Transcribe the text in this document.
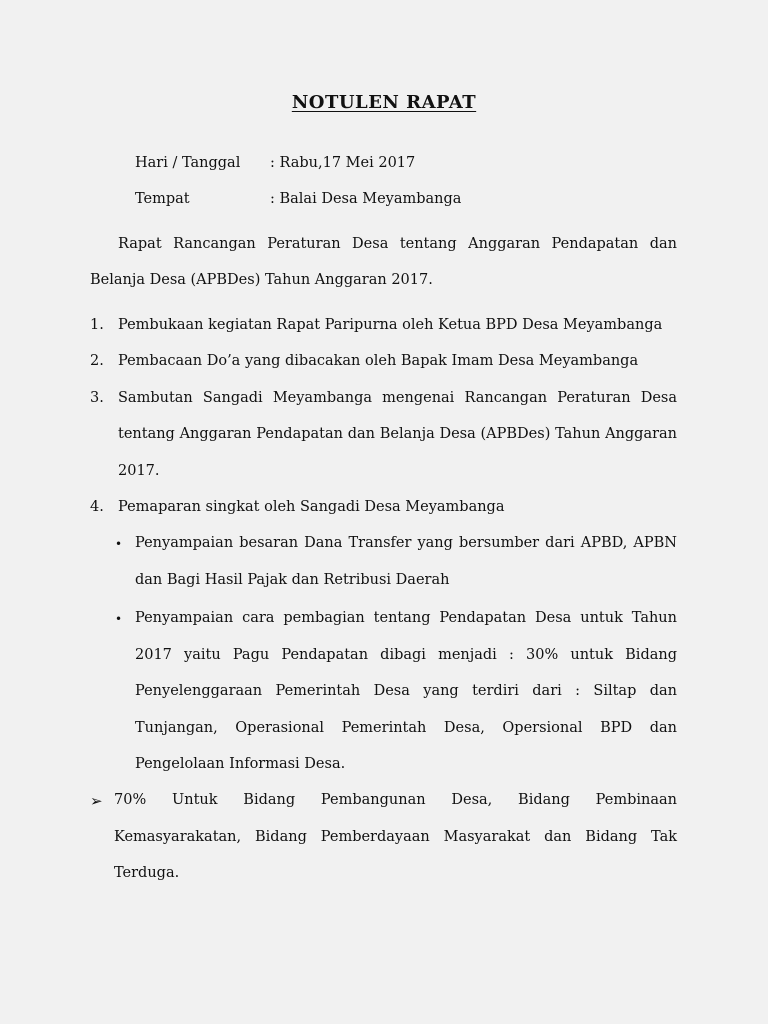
NOTULEN RAPAT
Hari / Tanggal : Rabu,17 Mei 2017
Tempat	: Balai Desa Meyambanga
Rapat Rancangan Peraturan Desa tentang Anggaran Pendapatan dan
Belanja Desa (APBDes) Tahun Anggaran 2017.
1. Pembukaan kegiatan Rapat Paripurna oleh Ketua BPD Desa Meyambanga
2. Pembacaan Do’a yang dibacakan oleh Bapak Imam Desa Meyambanga
3. Sambutan Sangadi Meyambanga mengenai Rancangan Peraturan Desa
tentang Anggaran Pendapatan dan Belanja Desa (APBDes) Tahun Anggaran
2017.
4. Pemaparan singkat oleh Sangadi Desa Meyambanga
• Penyampaian besaran Dana Transfer yang bersumber dari APBD, APBN
dan Bagi Hasil Pajak dan Retribusi Daerah
• Penyampaian cara pembagian tentang Pendapatan Desa untuk Tahun
2017 yaitu Pagu Pendapatan dibagi menjadi : 30% untuk Bidang
Penyelenggaraan Pemerintah Desa yang terdiri dari : Siltap dan
Tunjangan, Operasional Pemerintah Desa, Opersional BPD dan
Pengelolaan Informasi Desa.
➢ 70% Untuk Bidang Pembangunan Desa, Bidang Pembinaan
Kemasyarakatan, Bidang Pemberdayaan Masyarakat dan Bidang Tak
Terduga.
